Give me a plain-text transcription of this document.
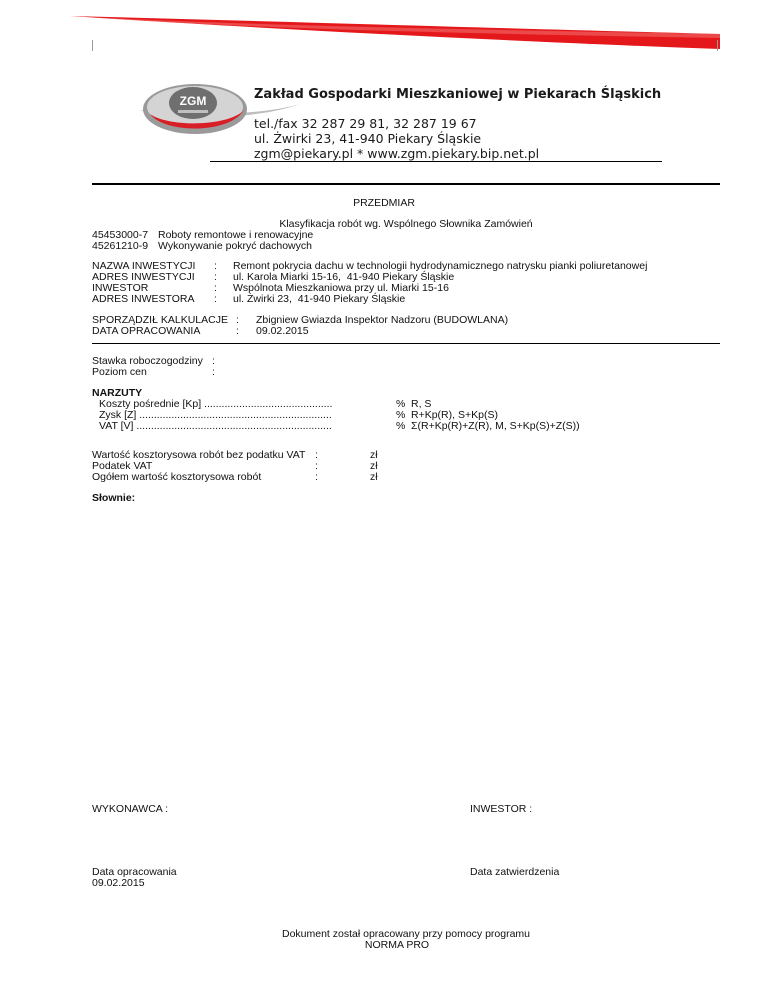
ZGM	Zakład Gospodarki Mieszkaniowej w Piekarach Śląskich
tel./fax 32 287 29 81, 32 287 19 67
ul. Żwirki 23, 41-940 Piekary Śląskie
zgm@piekary.pl * www.zgm.piekary.bip.net.pl
PRZEDMIAR
Klasyfikacja robót wg. Wspólnego Słownika Zamówień
45453000-7 Roboty remontowe i renowacyjne
45261210-9 Wykonywanie pokryć dachowych
NAZWA INWESTYCJI : Remont pokrycia dachu w technologii hydrodynamicznego natrysku pianki poliuretanowej
ADRES INWESTYCJI : ul. Karola Miarki 15-16,  41-940 Piekary Śląskie
INWESTOR	: Wspólnota Mieszkaniowa przy ul. Miarki 15-16
ADRES INWESTORA : ul. Żwirki 23,  41-940 Piekary Śląskie
SPORZĄDZIŁ KALKULACJE : Zbigniew Gwiazda Inspektor Nadzoru (BUDOWLANA)
DATA OPRACOWANIA	: 09.02.2015
Stawka roboczogodziny :
Poziom cen	:
NARZUTY
Koszty pośrednie [Kp] ............................................	% R, S
Zysk [Z] ..................................................................	% R+Kp(R), S+Kp(S)
VAT [V] ...................................................................	% Σ(R+Kp(R)+Z(R), M, S+Kp(S)+Z(S))
Wartość kosztorysowa robót bez podatku VAT :	zł
Podatek VAT	:	zł
Ogółem wartość kosztorysowa robót	:	zł
Słownie:
WYKONAWCA :	INWESTOR :
Data opracowania
09.02.2015
Data zatwierdzenia
Dokument został opracowany przy pomocy programu
NORMA PRO
